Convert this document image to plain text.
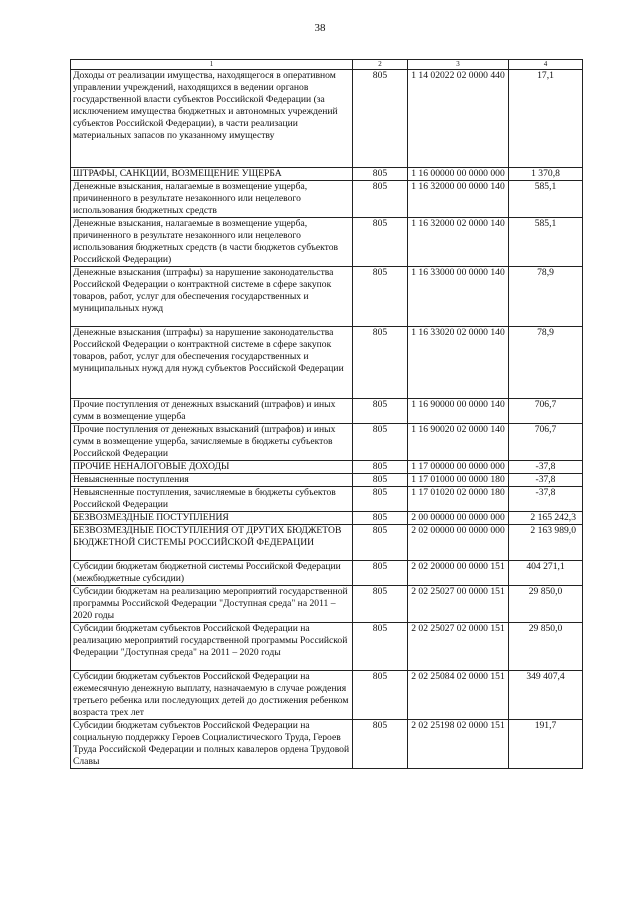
38
1	2	3	4
Доходы от реализации имущества, находящегося в оперативном управлении учреждений, находящихся в ведении органов государственной власти субъектов Российской Федерации (за исключением имущества бюджетных и автономных учреждений субъектов Российской Федерации), в части реализации материальных запасов по указанному имуществу	805	1 14 02022 02 0000 440	17,1
ШТРАФЫ, САНКЦИИ, ВОЗМЕЩЕНИЕ УЩЕРБА	805	1 16 00000 00 0000 000	1 370,8
Денежные взыскания, налагаемые в возмещение ущерба, причиненного в результате незаконного или нецелевого использования бюджетных средств	805	1 16 32000 00 0000 140	585,1
Денежные взыскания, налагаемые в возмещение ущерба, причиненного в результате незаконного или нецелевого использования бюджетных средств (в части бюджетов субъектов Российской Федерации)	805	1 16 32000 02 0000 140	585,1
Денежные взыскания (штрафы) за нарушение законодательства Российской Федерации о контрактной системе в сфере закупок товаров, работ, услуг для обеспечения государственных и муниципальных нужд	805	1 16 33000 00 0000 140	78,9
Денежные взыскания (штрафы) за нарушение законодательства Российской Федерации о контрактной системе в сфере закупок товаров, работ, услуг для обеспечения государственных и муниципальных нужд для нужд субъектов Российской Федерации	805	1 16 33020 02 0000 140	78,9
Прочие поступления от денежных взысканий (штрафов) и иных сумм в возмещение ущерба	805	1 16 90000 00 0000 140	706,7
Прочие поступления от денежных взысканий (штрафов) и иных сумм в возмещение ущерба, зачисляемые в бюджеты субъектов Российской Федерации	805	1 16 90020 02 0000 140	706,7
ПРОЧИЕ НЕНАЛОГОВЫЕ ДОХОДЫ	805	1 17 00000 00 0000 000	-37,8
Невыясненные поступления	805	1 17 01000 00 0000 180	-37,8
Невыясненные поступления, зачисляемые в бюджеты субъектов Российской Федерации	805	1 17 01020 02 0000 180	-37,8
БЕЗВОЗМЕЗДНЫЕ ПОСТУПЛЕНИЯ	805	2 00 00000 00 0000 000	2 165 242,3
БЕЗВОЗМЕЗДНЫЕ ПОСТУПЛЕНИЯ ОТ ДРУГИХ БЮДЖЕТОВ БЮДЖЕТНОЙ СИСТЕМЫ РОССИЙСКОЙ ФЕДЕРАЦИИ	805	2 02 00000 00 0000 000	2 163 989,0
Субсидии бюджетам бюджетной системы Российской Федерации (межбюджетные субсидии)	805	2 02 20000 00 0000 151	404 271,1
Субсидии бюджетам на реализацию мероприятий государственной программы Российской Федерации "Доступная среда" на 2011 – 2020 годы	805	2 02 25027 00 0000 151	29 850,0
Субсидии бюджетам субъектов Российской Федерации на реализацию мероприятий государственной программы Российской Федерации "Доступная среда" на 2011 – 2020 годы	805	2 02 25027 02 0000 151	29 850,0
Субсидии бюджетам субъектов Российской Федерации на ежемесячную денежную выплату, назначаемую в случае рождения третьего ребенка или последующих детей до достижения ребенком возраста трех лет	805	2 02 25084 02 0000 151	349 407,4
Субсидии бюджетам субъектов Российской Федерации на социальную поддержку Героев Социалистического Труда, Героев Труда Российской Федерации и полных кавалеров ордена Трудовой Славы	805	2 02 25198 02 0000 151	191,7
